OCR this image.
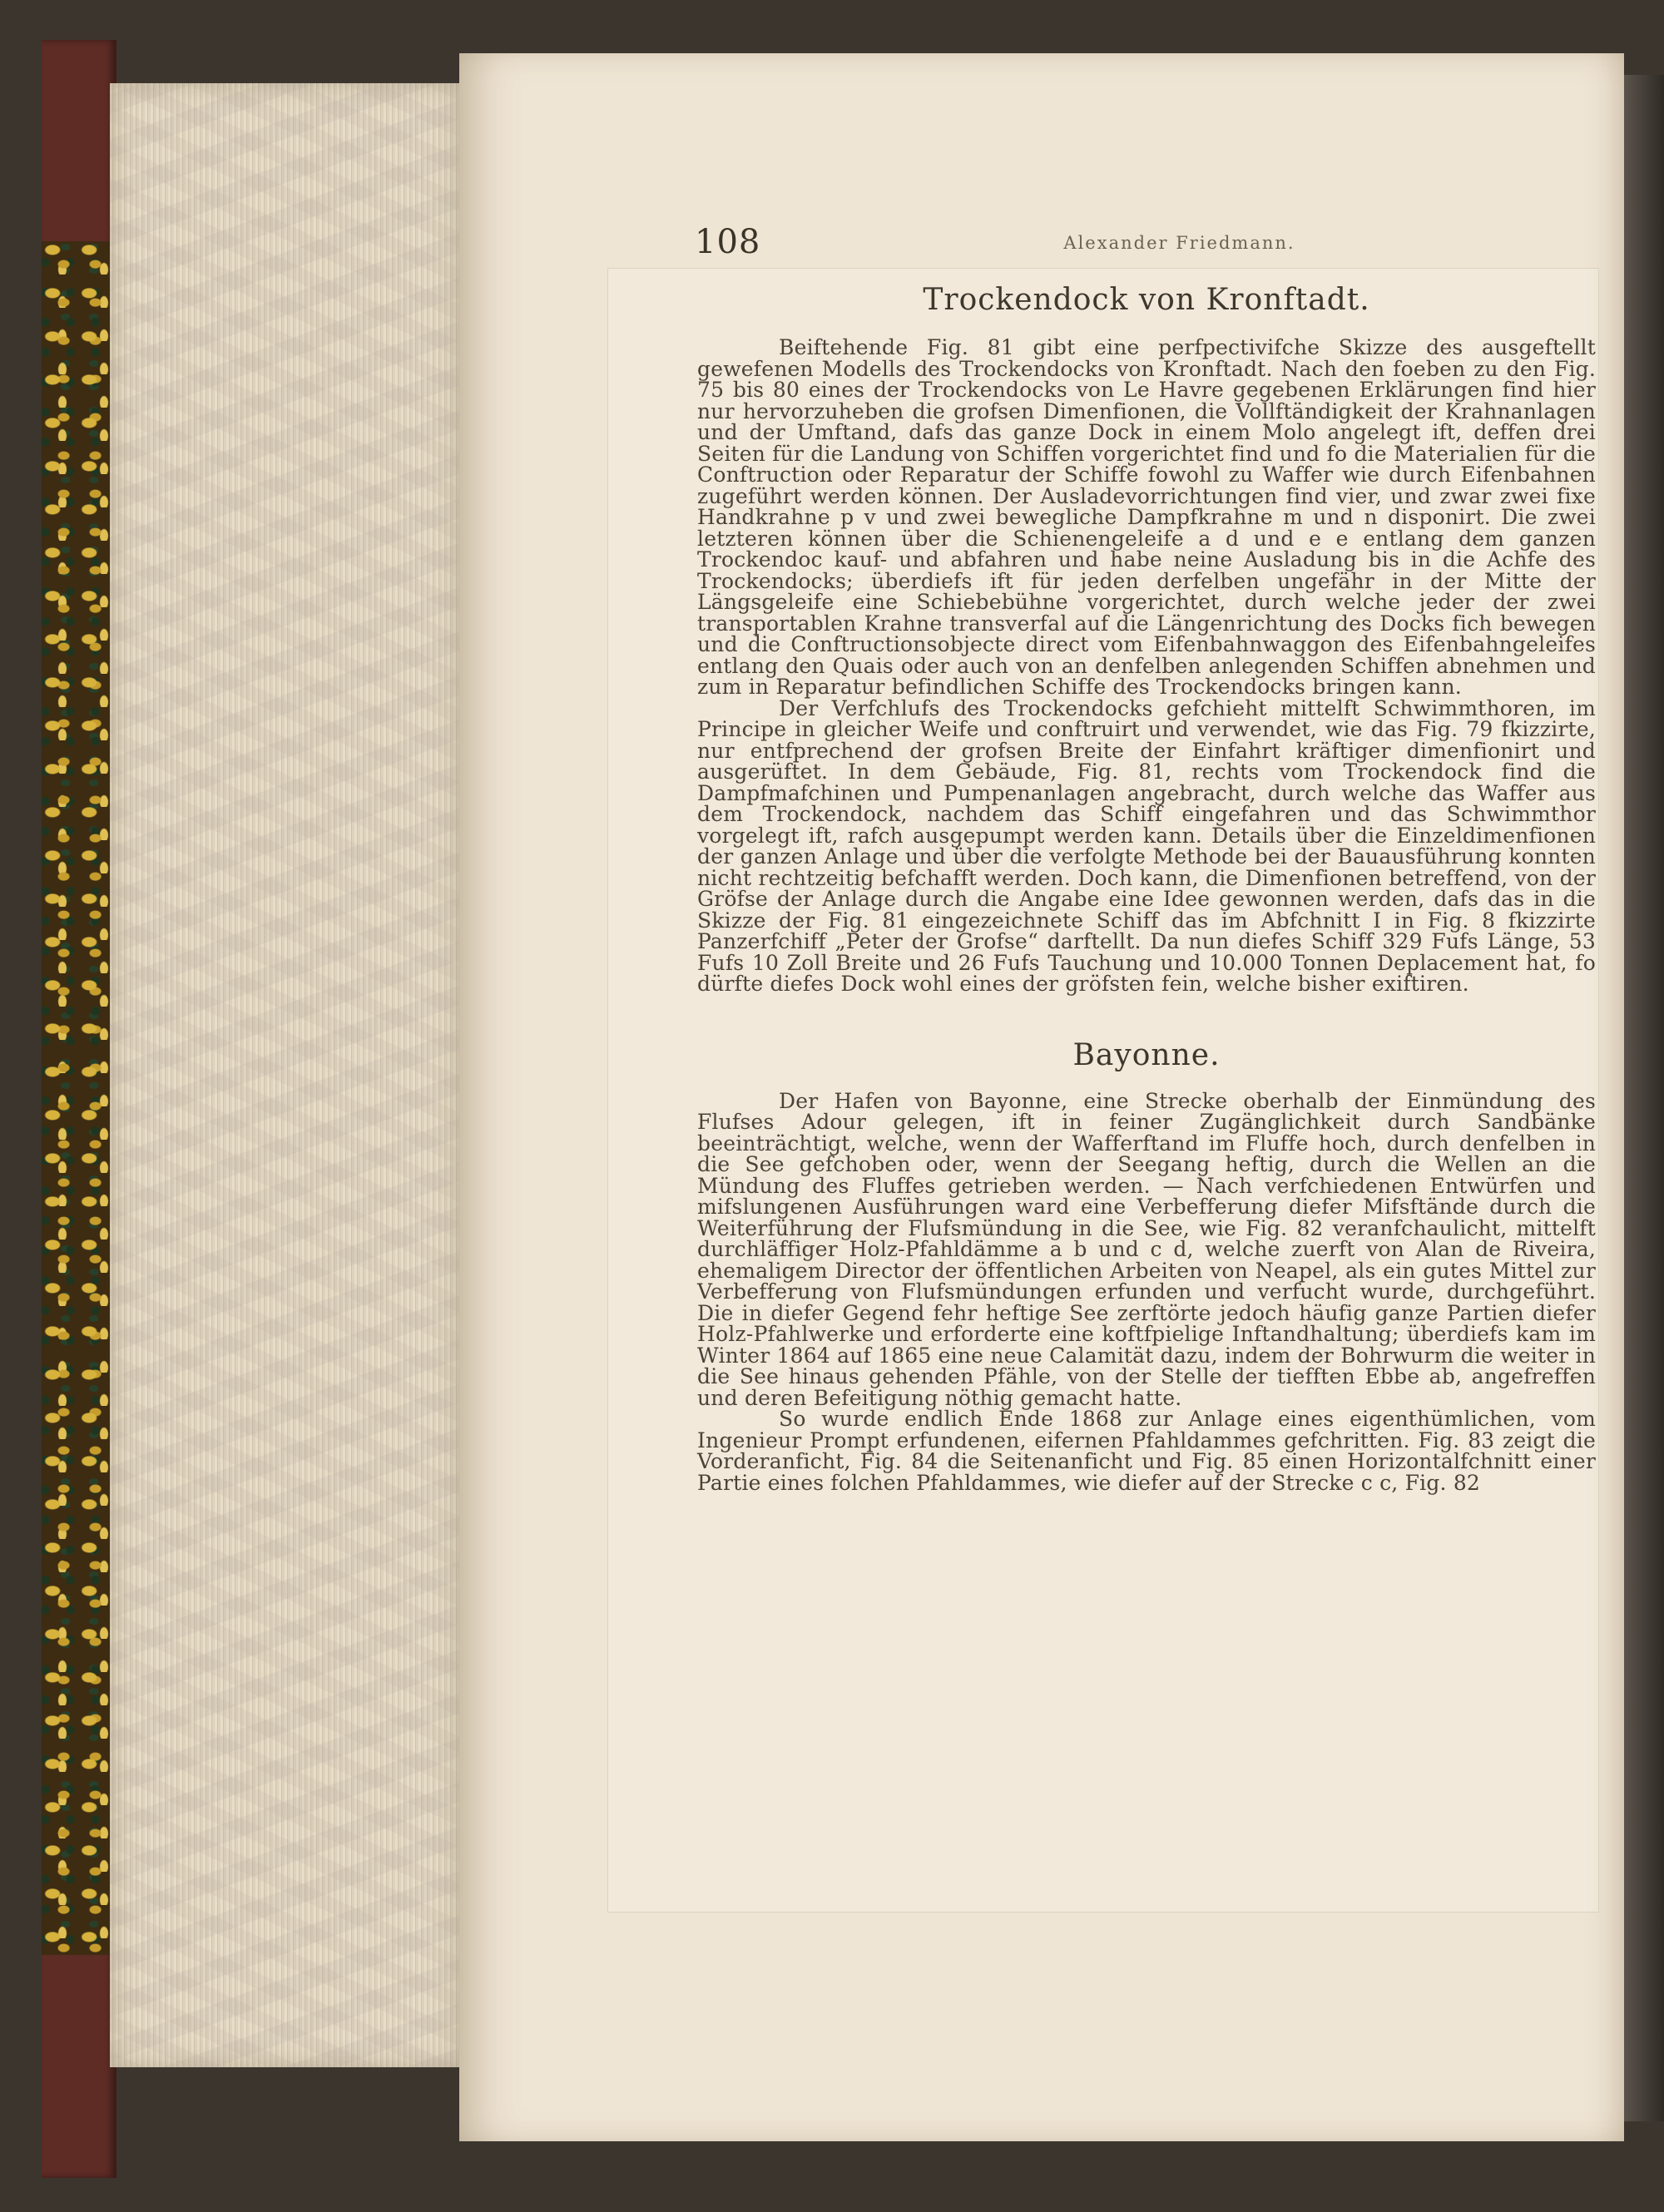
108	Alexander Friedmann.
Trockendock von Kronftadt.

Beiftehende Fig. 81 gibt eine perfpectivifche Skizze des ausgeftellt gewefenen Modells des Trockendocks von Kronftadt. Nach den foeben zu den Fig. 75 bis 80 eines der Trockendocks von Le Havre gegebenen Erklärungen find hier nur hervorzuheben die grofsen Dimenfionen, die Vollftändigkeit der Krahnanlagen und der Umftand, dafs das ganze Dock in einem Molo angelegt ift, deffen drei Seiten für die Landung von Schiffen vorgerichtet find und fo die Materialien für die Conftruction oder Reparatur der Schiffe fowohl zu Waffer wie durch Eifenbahnen zugeführt werden können. Der Ausladevorrichtungen find vier, und zwar zwei fixe Handkrahne p v und zwei bewegliche Dampfkrahne m und n disponirt. Die zwei letzteren können über die Schienengeleife a d und e e entlang dem ganzen Trockendoc kauf- und abfahren und habe neine Ausladung bis in die Achfe des Trockendocks; überdiefs ift für jeden derfelben ungefähr in der Mitte der Längsgeleife eine Schiebebühne vorgerichtet, durch welche jeder der zwei transportablen Krahne transverfal auf die Längenrichtung des Docks fich bewegen und die Conftructionsobjecte direct vom Eifenbahnwaggon des Eifenbahngeleifes entlang den Quais oder auch von an denfelben anlegenden Schiffen abnehmen und zum in Reparatur befindlichen Schiffe des Trockendocks bringen kann.

Der Verfchlufs des Trockendocks gefchieht mittelft Schwimmthoren, im Principe in gleicher Weife und conftruirt und verwendet, wie das Fig. 79 fkizzirte, nur entfprechend der grofsen Breite der Einfahrt kräftiger dimenfionirt und ausgerüftet. In dem Gebäude, Fig. 81, rechts vom Trockendock find die Dampfmafchinen und Pumpenanlagen angebracht, durch welche das Waffer aus dem Trockendock, nachdem das Schiff eingefahren und das Schwimmthor vorgelegt ift, rafch ausgepumpt werden kann. Details über die Einzeldimenfionen der ganzen Anlage und über die verfolgte Methode bei der Bauausführung konnten nicht rechtzeitig befchafft werden. Doch kann, die Dimenfionen betreffend, von der Gröfse der Anlage durch die Angabe eine Idee gewonnen werden, dafs das in die Skizze der Fig. 81 eingezeichnete Schiff das im Abfchnitt I in Fig. 8 fkizzirte Panzerfchiff „Peter der Grofse“ darftellt. Da nun diefes Schiff 329 Fufs Länge, 53 Fufs 10 Zoll Breite und 26 Fufs Tauchung und 10.000 Tonnen Deplacement hat, fo dürfte diefes Dock wohl eines der gröfsten fein, welche bisher exiftiren.

Bayonne.

Der Hafen von Bayonne, eine Strecke oberhalb der Einmündung des Flufses Adour gelegen, ift in feiner Zugänglichkeit durch Sandbänke beeinträchtigt, welche, wenn der Wafferftand im Fluffe hoch, durch denfelben in die See gefchoben oder, wenn der Seegang heftig, durch die Wellen an die Mündung des Fluffes getrieben werden. — Nach verfchiedenen Entwürfen und mifslungenen Ausführungen ward eine Verbefferung diefer Mifsftände durch die Weiterführung der Flufsmündung in die See, wie Fig. 82 veranfchaulicht, mittelft durchläffiger Holz-Pfahldämme a b und c d, welche zuerft von Alan de Riveira, ehemaligem Director der öffentlichen Arbeiten von Neapel, als ein gutes Mittel zur Verbefferung von Flufsmündungen erfunden und verfucht wurde, durchgeführt. Die in diefer Gegend fehr heftige See zerftörte jedoch häufig ganze Partien diefer Holz-Pfahlwerke und erforderte eine koftfpielige Inftandhaltung; überdiefs kam im Winter 1864 auf 1865 eine neue Calamität dazu, indem der Bohrwurm die weiter in die See hinaus gehenden Pfähle, von der Stelle der tiefften Ebbe ab, angefreffen und deren Befeitigung nöthig gemacht hatte.

So wurde endlich Ende 1868 zur Anlage eines eigenthümlichen, vom Ingenieur Prompt erfundenen, eifernen Pfahldammes gefchritten. Fig. 83 zeigt die Vorderanficht, Fig. 84 die Seitenanficht und Fig. 85 einen Horizontalfchnitt einer Partie eines folchen Pfahldammes, wie diefer auf der Strecke c c, Fig. 82
